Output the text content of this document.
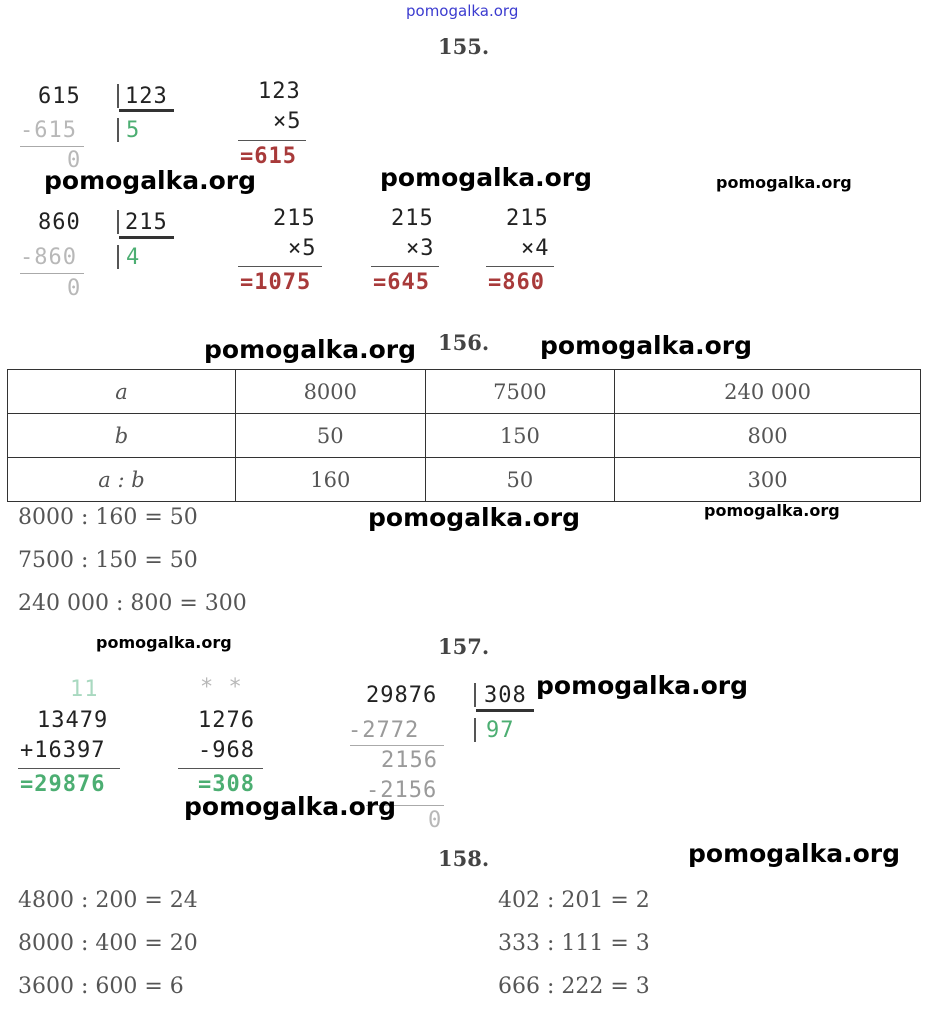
pomogalka.org
155.
615 123
-615 5
0
123
×5
=615
pomogalka.org	pomogalka.org	pomogalka.org
860 215
-860 4
0
215
×5
=1075
215
×3
=645
215
×4
=860
pomogalka.org 156. pomogalka.org
a	8000	7500	240 000
b	50	150	800
a : b	160	50	300
8000 : 160 = 50	pomogalka.org	pomogalka.org
7500 : 150 = 50
240 000 : 800 = 300
pomogalka.org	157.
11
13479
+16397
=29876
* *
1276
-968
=308
29876 308
-2772	97
2156
-2156
0
pomogalka.org
pomogalka.org
158.	pomogalka.org
4800 : 200 = 24
8000 : 400 = 20
3600 : 600 = 6
402 : 201 = 2
333 : 111 = 3
666 : 222 = 3
